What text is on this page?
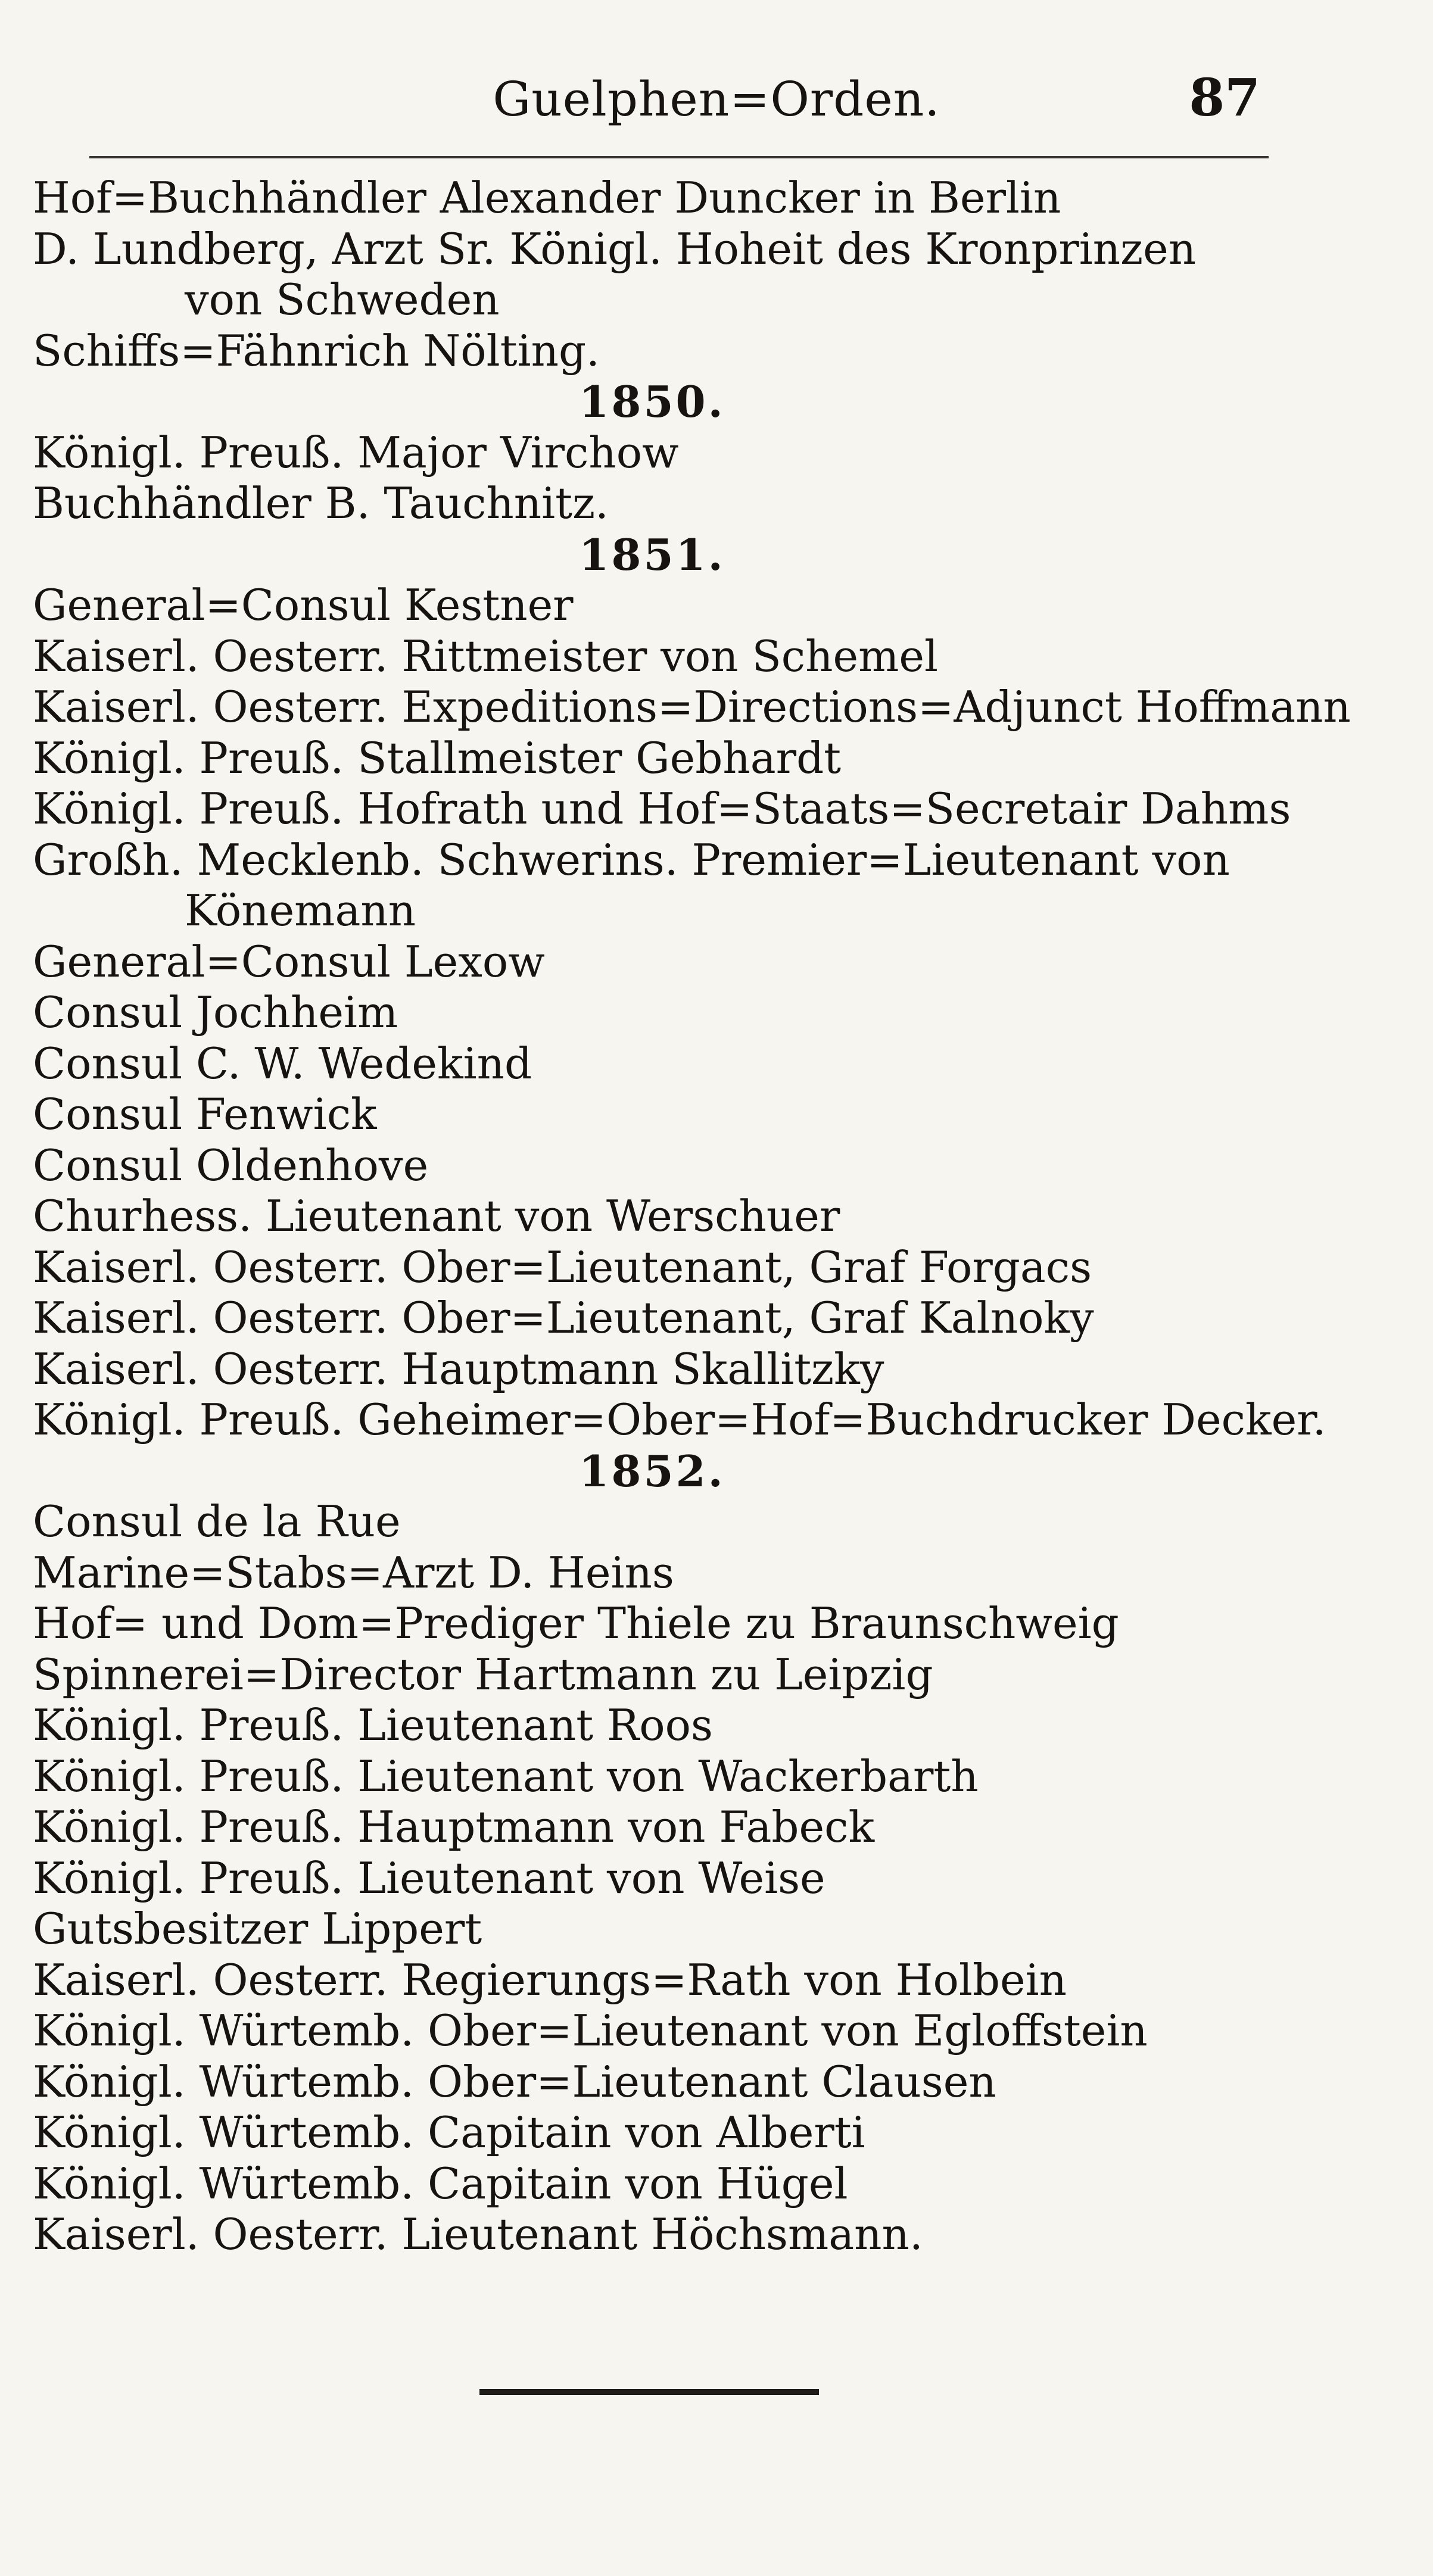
Guelphen=Orden.	87
Hof=Buchhändler Alexander Duncker in Berlin
D. Lundberg, Arzt Sr. Königl. Hoheit des Kronprinzen von Schweden
Schiffs=Fähnrich Nölting.
1850.
Königl. Preuß. Major Virchow
Buchhändler B. Tauchnitz.
1851.
General=Consul Kestner
Kaiserl. Oesterr. Rittmeister von Schemel
Kaiserl. Oesterr. Expeditions=Directions=Adjunct Hoffmann
Königl. Preuß. Stallmeister Gebhardt
Königl. Preuß. Hofrath und Hof=Staats=Secretair Dahms
Großh. Mecklenb. Schwerins. Premier=Lieutenant von Könemann
General=Consul Lexow
Consul Jochheim
Consul C. W. Wedekind
Consul Fenwick
Consul Oldenhove
Churhess. Lieutenant von Werschuer
Kaiserl. Oesterr. Ober=Lieutenant, Graf Forgacs
Kaiserl. Oesterr. Ober=Lieutenant, Graf Kalnoky
Kaiserl. Oesterr. Hauptmann Skallitzky
Königl. Preuß. Geheimer=Ober=Hof=Buchdrucker Decker.
1852.
Consul de la Rue
Marine=Stabs=Arzt D. Heins
Hof= und Dom=Prediger Thiele zu Braunschweig
Spinnerei=Director Hartmann zu Leipzig
Königl. Preuß. Lieutenant Roos
Königl. Preuß. Lieutenant von Wackerbarth
Königl. Preuß. Hauptmann von Fabeck
Königl. Preuß. Lieutenant von Weise
Gutsbesitzer Lippert
Kaiserl. Oesterr. Regierungs=Rath von Holbein
Königl. Würtemb. Ober=Lieutenant von Egloffstein
Königl. Würtemb. Ober=Lieutenant Clausen
Königl. Würtemb. Capitain von Alberti
Königl. Würtemb. Capitain von Hügel
Kaiserl. Oesterr. Lieutenant Höchsmann.
